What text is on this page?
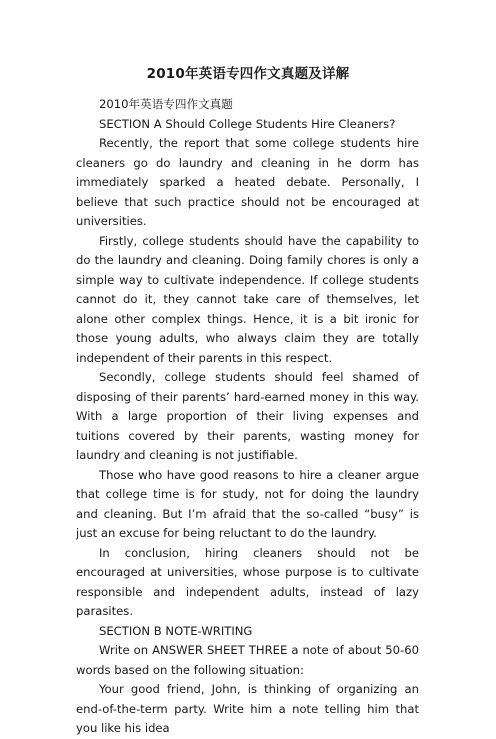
2010年英语专四作文真题及详解

2010年英语专四作文真题

SECTION A Should College Students Hire Cleaners?

Recently, the report that some college students hire cleaners go do laundry and cleaning in he dorm has immediately sparked a heated debate. Personally, I believe that such practice should not be encouraged at universities.

Firstly, college students should have the capability to do the laundry and cleaning. Doing family chores is only a simple way to cultivate independence. If college students cannot do it, they cannot take care of themselves, let alone other complex things. Hence, it is a bit ironic for those young adults, who always claim they are totally independent of their parents in this respect.

Secondly, college students should feel shamed of disposing of their parents’ hard-earned money in this way. With a large proportion of their living expenses and tuitions covered by their parents, wasting money for laundry and cleaning is not justifiable.

Those who have good reasons to hire a cleaner argue that college time is for study, not for doing the laundry and cleaning. But I’m afraid that the so-called “busy” is just an excuse for being reluctant to do the laundry.

In conclusion, hiring cleaners should not be encouraged at universities, whose purpose is to cultivate responsible and independent adults, instead of lazy parasites.

SECTION B NOTE-WRITING

Write on ANSWER SHEET THREE a note of about 50-60 words based on the following situation:

Your good friend, John, is thinking of organizing an end-of-the-term party. Write him a note telling him that you like his idea
